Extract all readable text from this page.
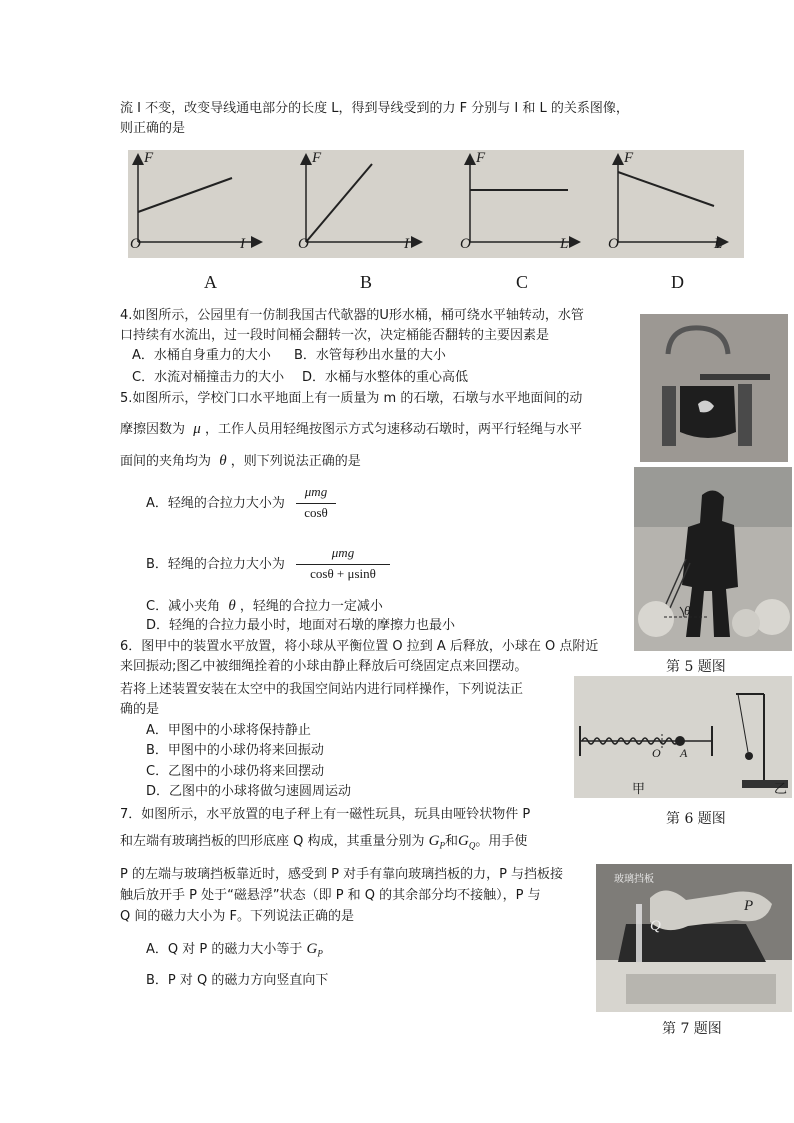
流 I 不变，改变导线通电部分的长度 L，得到导线受到的力 F 分别与 I 和 L 的关系图像，
则正确的是
F
O	I
F
O	I
F
O	L
F
O	L
A	B	C	D
4.如图所示，公园里有一仿制我国古代欹器的U形水桶，桶可绕水平轴转动，水管
口持续有水流出，过一段时间桶会翻转一次，决定桶能否翻转的主要因素是
A．水桶自身重力的大小 B．水管每秒出水量的大小
C．水流对桶撞击力的大小 D．水桶与水整体的重心高低
5.如图所示，学校门口水平地面上有一质量为 m 的石墩，石墩与水平地面间的动
摩擦因数为 μ ，工作人员用轻绳按图示方式匀速移动石墩时，两平行轻绳与水平
面间的夹角均为 θ ，则下列说法正确的是
A．轻绳的合拉力大小为
μmg
cosθ
B．轻绳的合拉力大小为
μmg
cosθ + μsinθ
C．减小夹角 θ ，轻绳的合拉力一定减小
D．轻绳的合拉力最小时，地面对石墩的摩擦力也最小
θ
第 5 题图
6．图甲中的装置水平放置，将小球从平衡位置 O 拉到 A 后释放，小球在 O 点附近
来回振动;图乙中被细绳拴着的小球由静止释放后可绕固定点来回摆动。
若将上述装置安装在太空中的我国空间站内进行同样操作，下列说法正
确的是
A．甲图中的小球将保持静止
B．甲图中的小球仍将来回振动
C．乙图中的小球仍将来回摆动
D．乙图中的小球将做匀速圆周运动
O A
甲	乙
第 6 题图
7．如图所示，水平放置的电子秤上有一磁性玩具，玩具由哑铃状物件 P
和左端有玻璃挡板的凹形底座 Q 构成，其重量分别为 $G_P$和$G_Q$。用手使
P 的左端与玻璃挡板靠近时，感受到 P 对手有靠向玻璃挡板的力，P 与挡板接
触后放开手 P 处于“磁悬浮”状态（即 P 和 Q 的其余部分均不接触），P 与
Q 间的磁力大小为 F。下列说法正确的是
A．Q 对 P 的磁力大小等于 $G_P$
B．P 对 Q 的磁力方向竖直向下
玻璃挡板
P
Q
第 7 题图
